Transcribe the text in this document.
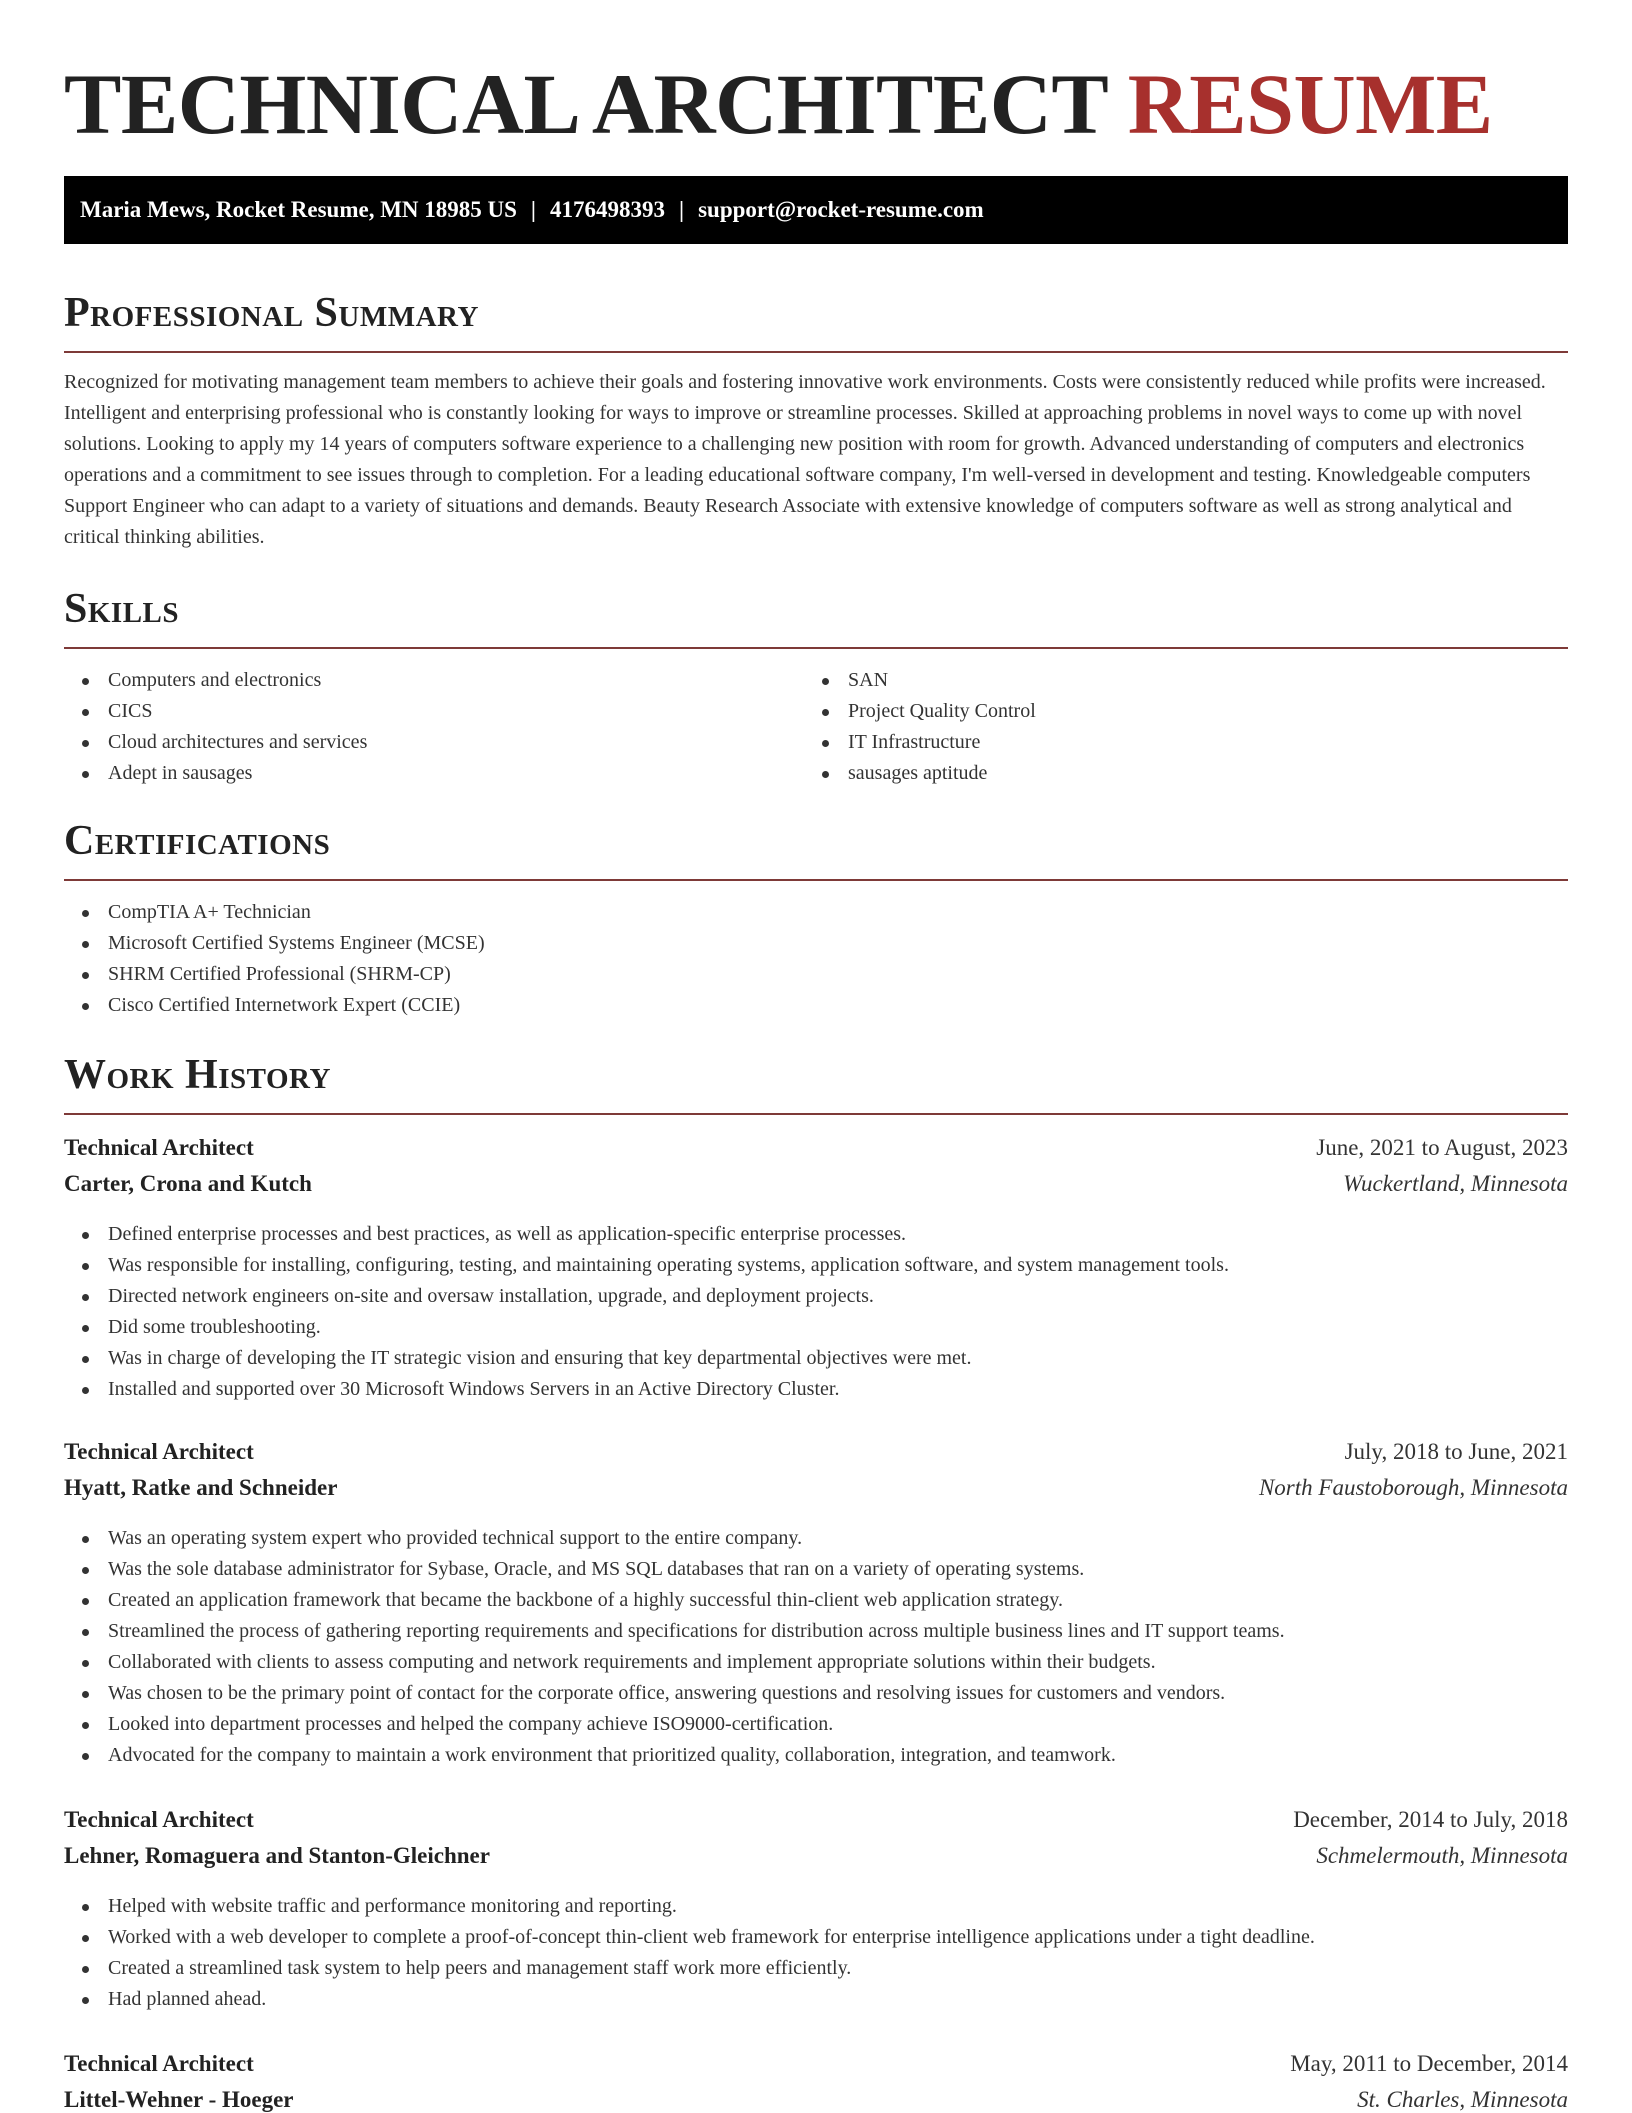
TECHNICAL ARCHITECT RESUME
Maria Mews, Rocket Resume, MN 18985 US | 4176498393 | support@rocket-resume.com
Professional Summary

Recognized for motivating management team members to achieve their goals and fostering innovative work environments. Costs were consistently reduced while profits were increased. Intelligent and enterprising professional who is constantly looking for ways to improve or streamline processes. Skilled at approaching problems in novel ways to come up with novel solutions. Looking to apply my 14 years of computers software experience to a challenging new position with room for growth. Advanced understanding of computers and electronics operations and a commitment to see issues through to completion. For a leading educational software company, I'm well-versed in development and testing. Knowledgeable computers Support Engineer who can adapt to a variety of situations and demands. Beauty Research Associate with extensive knowledge of computers software as well as strong analytical and critical thinking abilities.

Skills
Computers and electronics
CICS
Cloud architectures and services
Adept in sausages
SAN
Project Quality Control
IT Infrastructure
sausages aptitude
Certifications
CompTIA A+ Technician
Microsoft Certified Systems Engineer (MCSE)
SHRM Certified Professional (SHRM-CP)
Cisco Certified Internetwork Expert (CCIE)
Work History
Technical Architect	June, 2021 to August, 2023
Carter, Crona and Kutch	Wuckertland, Minnesota
Defined enterprise processes and best practices, as well as application-specific enterprise processes.
Was responsible for installing, configuring, testing, and maintaining operating systems, application software, and system management tools.
Directed network engineers on-site and oversaw installation, upgrade, and deployment projects.
Did some troubleshooting.
Was in charge of developing the IT strategic vision and ensuring that key departmental objectives were met.
Installed and supported over 30 Microsoft Windows Servers in an Active Directory Cluster.
Technical Architect	July, 2018 to June, 2021
Hyatt, Ratke and Schneider	North Faustoborough, Minnesota
Was an operating system expert who provided technical support to the entire company.
Was the sole database administrator for Sybase, Oracle, and MS SQL databases that ran on a variety of operating systems.
Created an application framework that became the backbone of a highly successful thin-client web application strategy.
Streamlined the process of gathering reporting requirements and specifications for distribution across multiple business lines and IT support teams.
Collaborated with clients to assess computing and network requirements and implement appropriate solutions within their budgets.
Was chosen to be the primary point of contact for the corporate office, answering questions and resolving issues for customers and vendors.
Looked into department processes and helped the company achieve ISO9000-certification.
Advocated for the company to maintain a work environment that prioritized quality, collaboration, integration, and teamwork.
Technical Architect	December, 2014 to July, 2018
Lehner, Romaguera and Stanton-Gleichner	Schmelermouth, Minnesota
Helped with website traffic and performance monitoring and reporting.
Worked with a web developer to complete a proof-of-concept thin-client web framework for enterprise intelligence applications under a tight deadline.
Created a streamlined task system to help peers and management staff work more efficiently.
Had planned ahead.
Technical Architect	May, 2011 to December, 2014
Littel-Wehner - Hoeger	St. Charles, Minnesota
